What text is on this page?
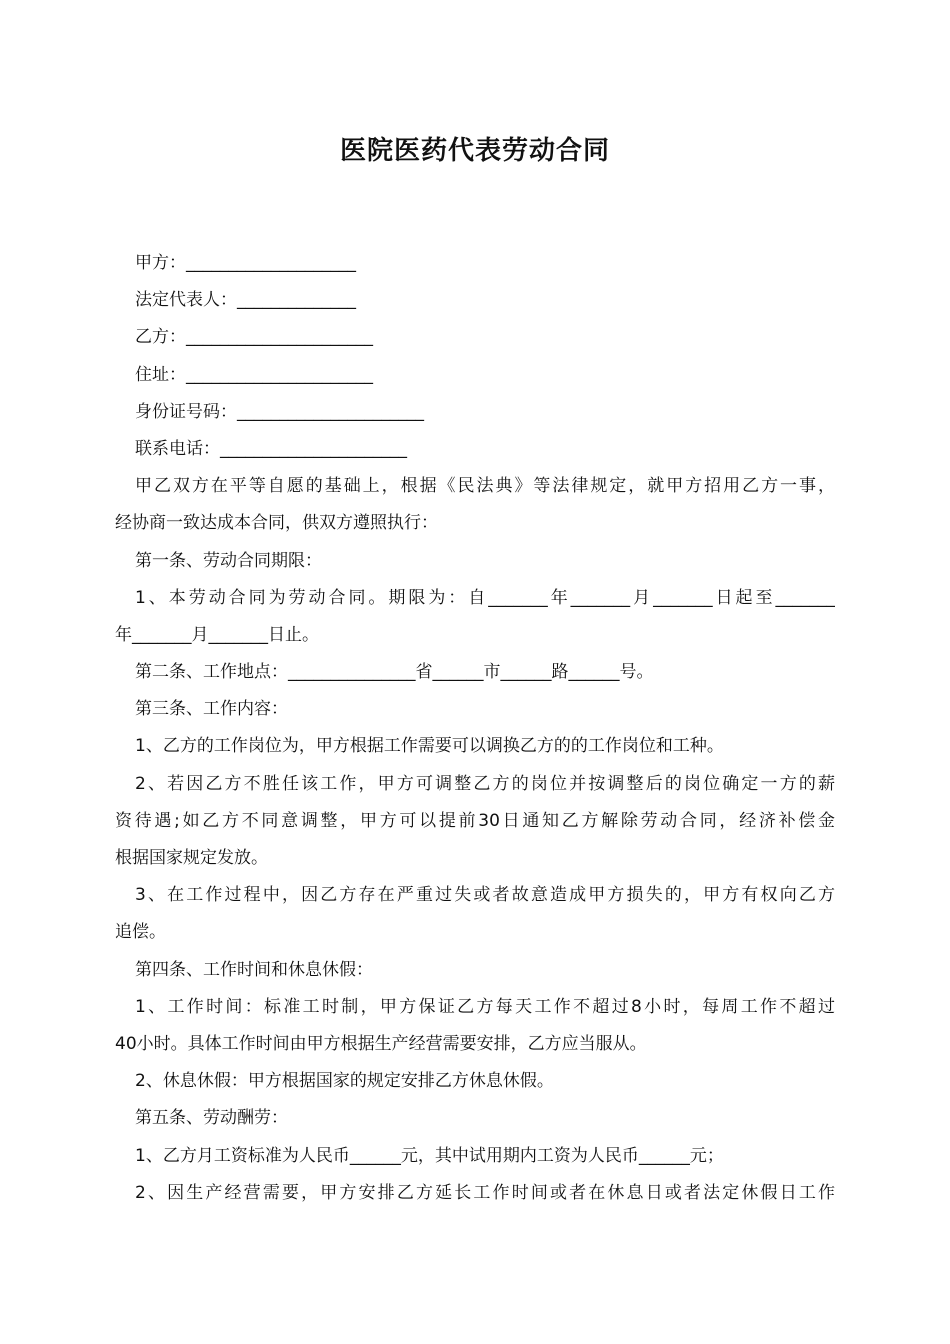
医院医药代表劳动合同
甲方：____________________
法定代表人：______________
乙方：______________________
住址：______________________
身份证号码：______________________
联系电话：______________________
甲乙双方在平等自愿的基础上，根据《民法典》等法律规定，就甲方招用乙方一事，
经协商一致达成本合同，供双方遵照执行：
第一条、劳动合同期限：
1、本劳动合同为劳动合同。期限为：自_______年_______月_______日起至_______
年_______月_______日止。
第二条、工作地点：_______________省______市______路______号。
第三条、工作内容：
1、乙方的工作岗位为，甲方根据工作需要可以调换乙方的的工作岗位和工种。
2、若因乙方不胜任该工作，甲方可调整乙方的岗位并按调整后的岗位确定一方的薪
资待遇;如乙方不同意调整，甲方可以提前30日通知乙方解除劳动合同，经济补偿金
根据国家规定发放。
3、在工作过程中，因乙方存在严重过失或者故意造成甲方损失的，甲方有权向乙方
追偿。
第四条、工作时间和休息休假：
1、工作时间：标准工时制，甲方保证乙方每天工作不超过8小时，每周工作不超过
40小时。具体工作时间由甲方根据生产经营需要安排，乙方应当服从。
2、休息休假：甲方根据国家的规定安排乙方休息休假。
第五条、劳动酬劳：
1、乙方月工资标准为人民币______元，其中试用期内工资为人民币______元；
2、因生产经营需要，甲方安排乙方延长工作时间或者在休息日或者法定休假日工作
